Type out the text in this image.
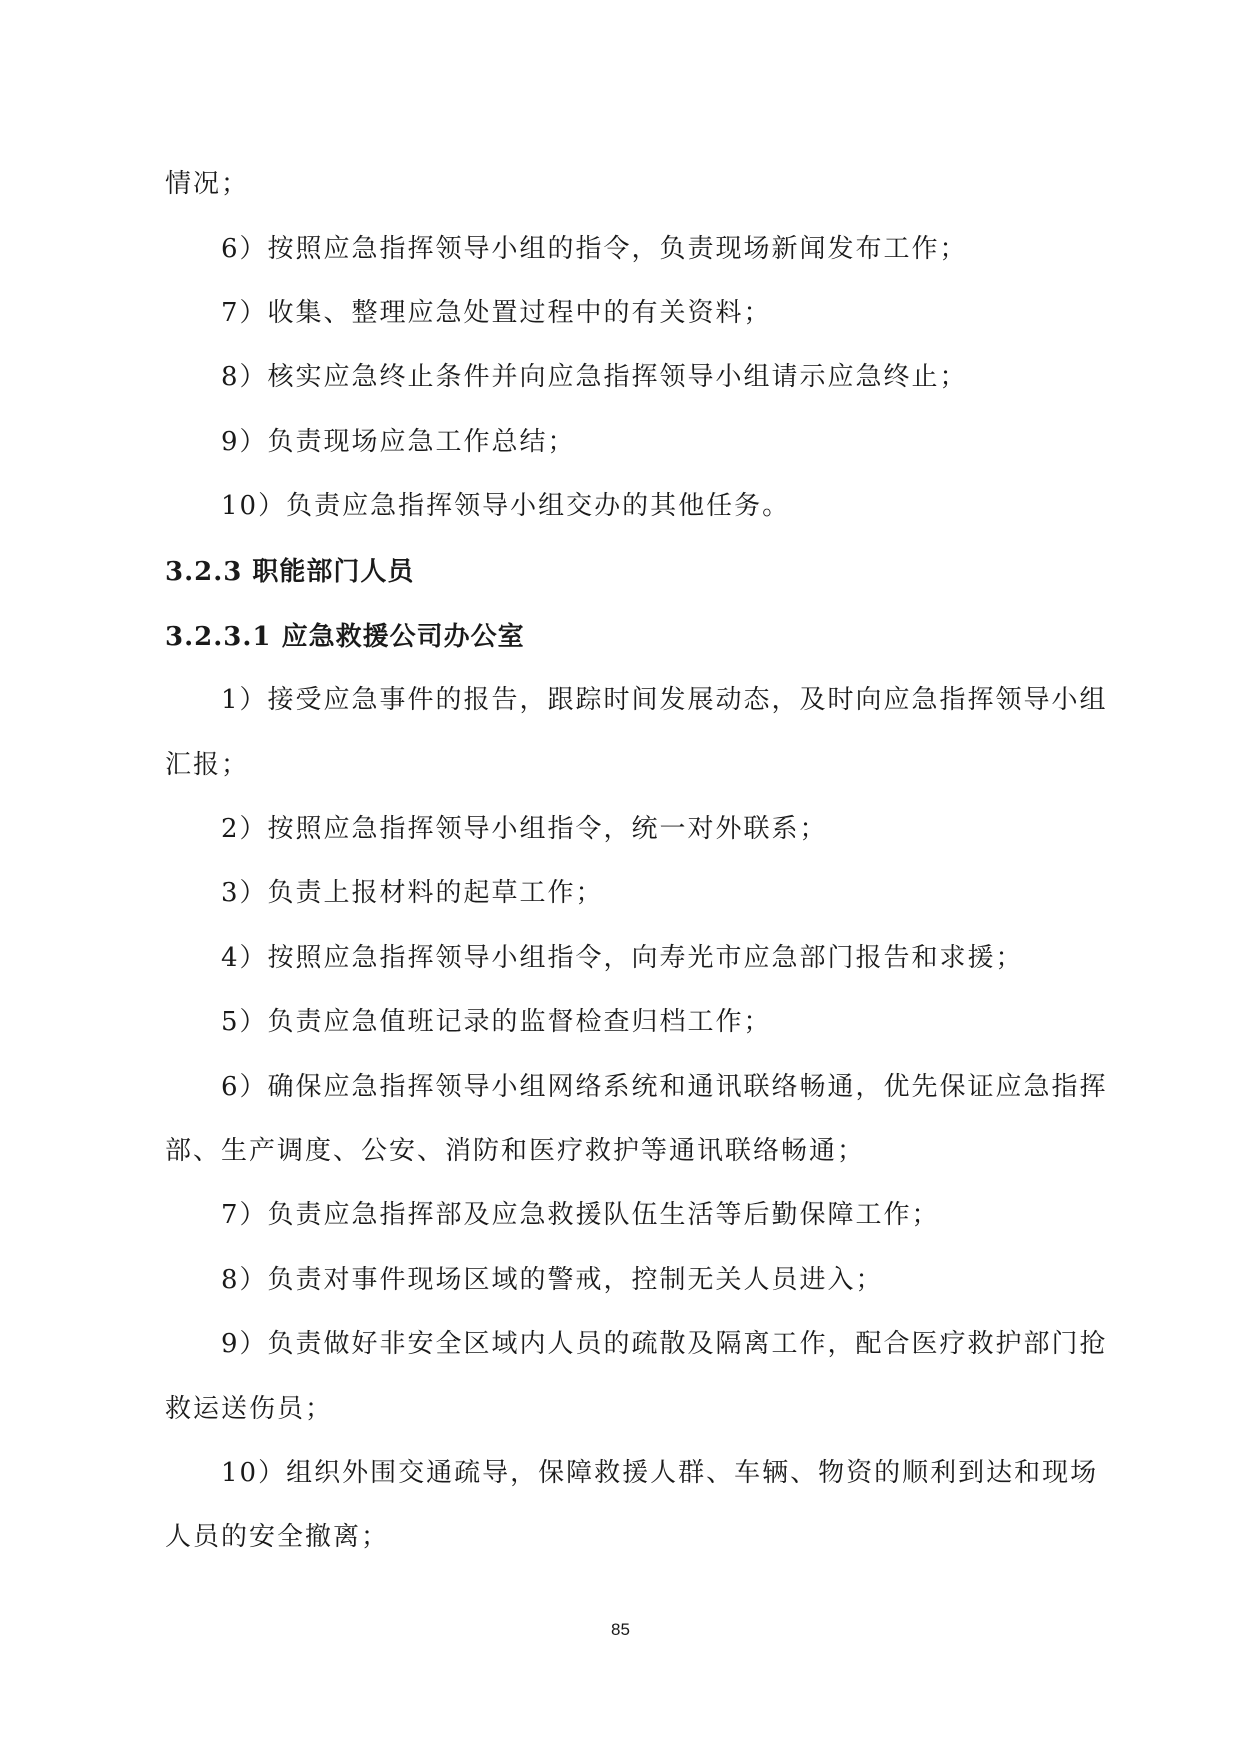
情况；
6）按照应急指挥领导小组的指令，负责现场新闻发布工作；
7）收集、整理应急处置过程中的有关资料；
8）核实应急终止条件并向应急指挥领导小组请示应急终止；
9）负责现场应急工作总结；
10）负责应急指挥领导小组交办的其他任务。
3.2.3 职能部门人员
3.2.3.1 应急救援公司办公室
1）接受应急事件的报告，跟踪时间发展动态，及时向应急指挥领导小组
汇报；
2）按照应急指挥领导小组指令，统一对外联系；
3）负责上报材料的起草工作；
4）按照应急指挥领导小组指令，向寿光市应急部门报告和求援；
5）负责应急值班记录的监督检查归档工作；
6）确保应急指挥领导小组网络系统和通讯联络畅通，优先保证应急指挥
部、生产调度、公安、消防和医疗救护等通讯联络畅通；
7）负责应急指挥部及应急救援队伍生活等后勤保障工作；
8）负责对事件现场区域的警戒，控制无关人员进入；
9）负责做好非安全区域内人员的疏散及隔离工作，配合医疗救护部门抢
救运送伤员；
10）组织外围交通疏导，保障救援人群、车辆、物资的顺利到达和现场
人员的安全撤离；
85
